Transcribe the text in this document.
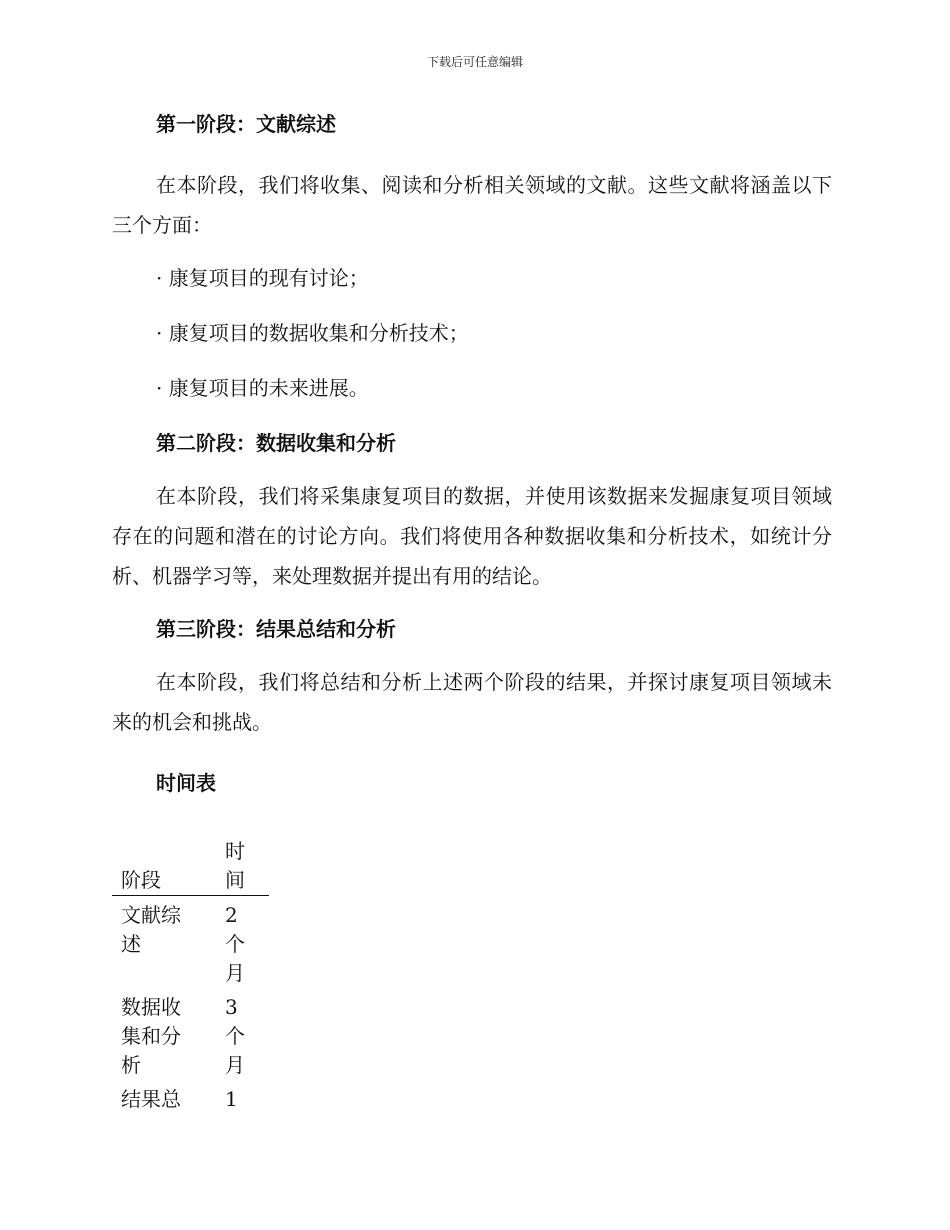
下载后可任意编辑

第一阶段：文献综述

在本阶段，我们将收集、阅读和分析相关领域的文献。这些文献将涵盖以下三个方面：

· 康复项目的现有讨论；

· 康复项目的数据收集和分析技术；

· 康复项目的未来进展。

第二阶段：数据收集和分析

在本阶段，我们将采集康复项目的数据，并使用该数据来发掘康复项目领域存在的问题和潜在的讨论方向。我们将使用各种数据收集和分析技术，如统计分析、机器学习等，来处理数据并提出有用的结论。

第三阶段：结果总结和分析

在本阶段，我们将总结和分析上述两个阶段的结果，并探讨康复项目领域未来的机会和挑战。

时间表

阶段	时间

文献综述	2个月

数据收集和分析	3个月

结果总	1
